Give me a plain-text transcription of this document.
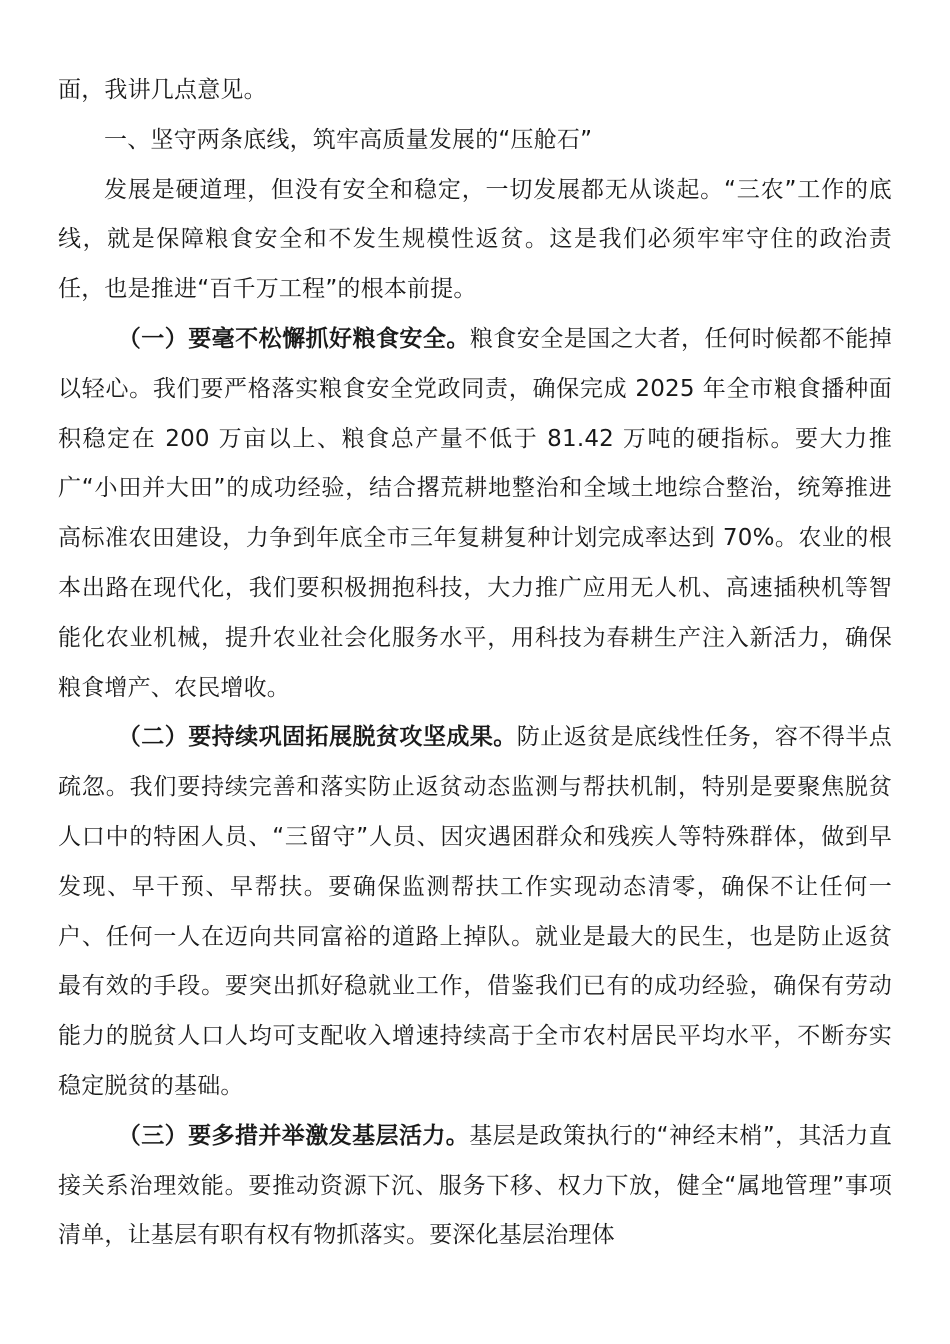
面，我讲几点意见。

一、坚守两条底线，筑牢高质量发展的“压舱石”

发展是硬道理，但没有安全和稳定，一切发展都无从谈起。“三农”工作的底线，就是保障粮食安全和不发生规模性返贫。这是我们必须牢牢守住的政治责任，也是推进“百千万工程”的根本前提。

（一）要毫不松懈抓好粮食安全。粮食安全是国之大者，任何时候都不能掉以轻心。我们要严格落实粮食安全党政同责，确保完成 2025 年全市粮食播种面积稳定在 200 万亩以上、粮食总产量不低于 81.42 万吨的硬指标。要大力推广“小田并大田”的成功经验，结合撂荒耕地整治和全域土地综合整治，统筹推进高标准农田建设，力争到年底全市三年复耕复种计划完成率达到 70%。农业的根本出路在现代化，我们要积极拥抱科技，大力推广应用无人机、高速插秧机等智能化农业机械，提升农业社会化服务水平，用科技为春耕生产注入新活力，确保粮食增产、农民增收。

（二）要持续巩固拓展脱贫攻坚成果。防止返贫是底线性任务，容不得半点疏忽。我们要持续完善和落实防止返贫动态监测与帮扶机制，特别是要聚焦脱贫人口中的特困人员、“三留守”人员、因灾遇困群众和残疾人等特殊群体，做到早发现、早干预、早帮扶。要确保监测帮扶工作实现动态清零，确保不让任何一户、任何一人在迈向共同富裕的道路上掉队。就业是最大的民生，也是防止返贫最有效的手段。要突出抓好稳就业工作，借鉴我们已有的成功经验，确保有劳动能力的脱贫人口人均可支配收入增速持续高于全市农村居民平均水平，不断夯实稳定脱贫的基础。

（三）要多措并举激发基层活力。基层是政策执行的“神经末梢”，其活力直接关系治理效能。要推动资源下沉、服务下移、权力下放，健全“属地管理”事项清单，让基层有职有权有物抓落实。要深化基层治理体
